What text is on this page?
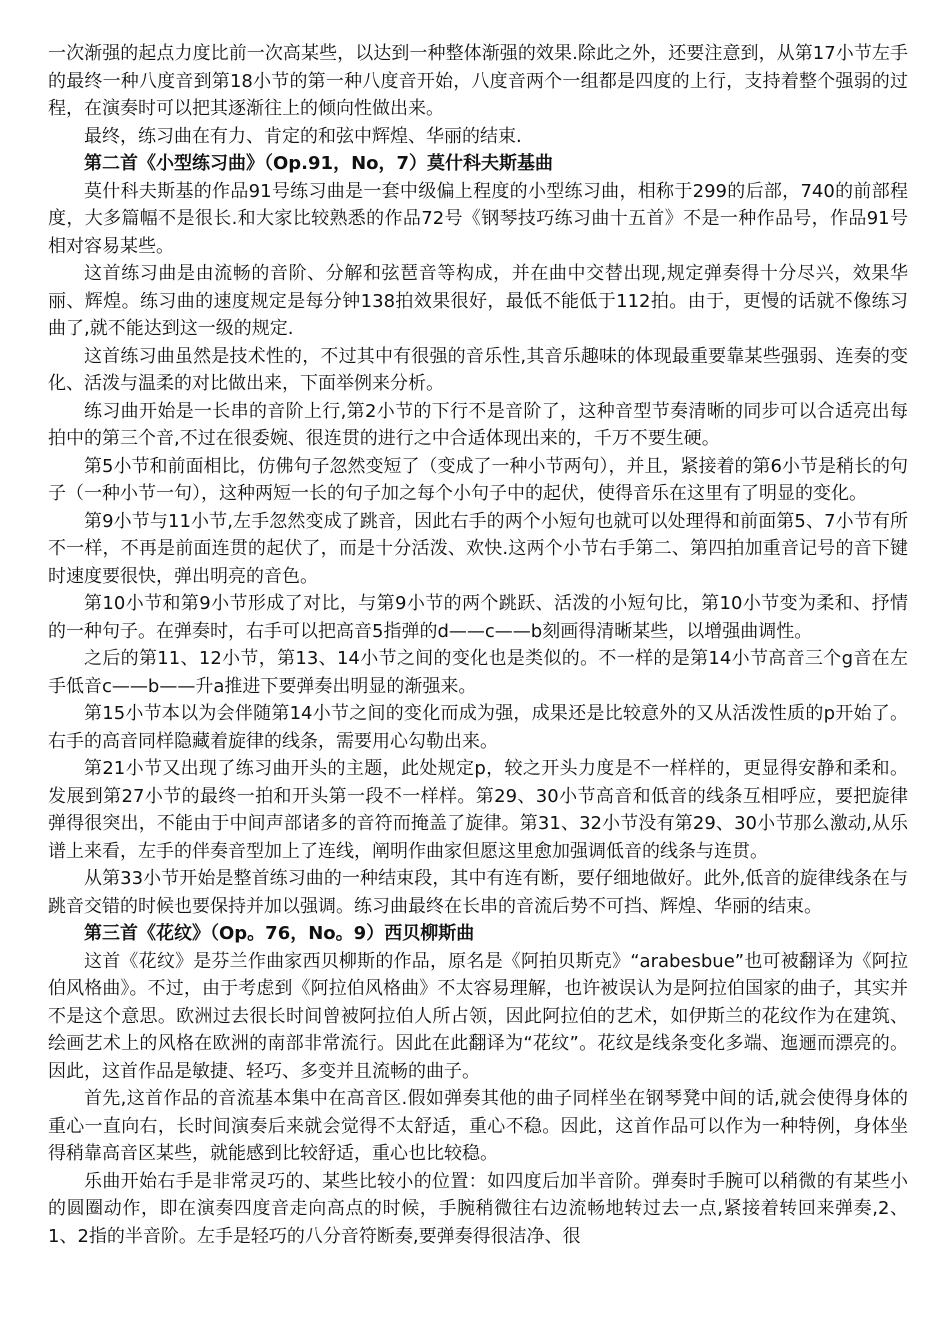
一次渐强的起点力度比前一次高某些，以达到一种整体渐强的效果.除此之外，还要注意到，从第17小节左手的最终一种八度音到第18小节的第一种八度音开始，八度音两个一组都是四度的上行，支持着整个强弱的过程，在演奏时可以把其逐渐往上的倾向性做出来。

最终，练习曲在有力、肯定的和弦中辉煌、华丽的结束.

第二首《小型练习曲》（Op.91，No，7）莫什科夫斯基曲

莫什科夫斯基的作品91号练习曲是一套中级偏上程度的小型练习曲，相称于299的后部，740的前部程度，大多篇幅不是很长.和大家比较熟悉的作品72号《钢琴技巧练习曲十五首》不是一种作品号，作品91号相对容易某些。

这首练习曲是由流畅的音阶、分解和弦琶音等构成，并在曲中交替出现,规定弹奏得十分尽兴，效果华丽、辉煌。练习曲的速度规定是每分钟138拍效果很好，最低不能低于112拍。由于，更慢的话就不像练习曲了,就不能达到这一级的规定.

这首练习曲虽然是技术性的，不过其中有很强的音乐性,其音乐趣味的体现最重要靠某些强弱、连奏的变化、活泼与温柔的对比做出来，下面举例来分析。

练习曲开始是一长串的音阶上行,第2小节的下行不是音阶了，这种音型节奏清晰的同步可以合适亮出每拍中的第三个音,不过在很委婉、很连贯的进行之中合适体现出来的，千万不要生硬。

第5小节和前面相比，仿佛句子忽然变短了（变成了一种小节两句），并且，紧接着的第6小节是稍长的句子（一种小节一句），这种两短一长的句子加之每个小句子中的起伏，使得音乐在这里有了明显的变化。

第9小节与11小节,左手忽然变成了跳音，因此右手的两个小短句也就可以处理得和前面第5、7小节有所不一样，不再是前面连贯的起伏了，而是十分活泼、欢快.这两个小节右手第二、第四拍加重音记号的音下键时速度要很快，弹出明亮的音色。

第10小节和第9小节形成了对比，与第9小节的两个跳跃、活泼的小短句比，第10小节变为柔和、抒情的一种句子。在弹奏时，右手可以把高音5指弹的d——c——b刻画得清晰某些，以增强曲调性。

之后的第11、12小节，第13、14小节之间的变化也是类似的。不一样的是第14小节高音三个g音在左手低音c——b——升a推进下要弹奏出明显的渐强来。

第15小节本以为会伴随第14小节之间的变化而成为强，成果还是比较意外的又从活泼性质的p开始了。右手的高音同样隐藏着旋律的线条，需要用心勾勒出来。

第21小节又出现了练习曲开头的主题，此处规定p，较之开头力度是不一样样的，更显得安静和柔和。发展到第27小节的最终一拍和开头第一段不一样样。第29、30小节高音和低音的线条互相呼应，要把旋律弹得很突出，不能由于中间声部诸多的音符而掩盖了旋律。第31、32小节没有第29、30小节那么激动,从乐谱上来看，左手的伴奏音型加上了连线，阐明作曲家但愿这里愈加强调低音的线条与连贯。

从第33小节开始是整首练习曲的一种结束段，其中有连有断，要仔细地做好。此外,低音的旋律线条在与跳音交错的时候也要保持并加以强调。练习曲最终在长串的音流后势不可挡、辉煌、华丽的结束。

第三首《花纹》（Op。76，No。9）西贝柳斯曲

这首《花纹》是芬兰作曲家西贝柳斯的作品，原名是《阿拍贝斯克》“arabesbue”也可被翻译为《阿拉伯风格曲》。不过，由于考虑到《阿拉伯风格曲》不太容易理解，也许被误认为是阿拉伯国家的曲子，其实并不是这个意思。欧洲过去很长时间曾被阿拉伯人所占领，因此阿拉伯的艺术，如伊斯兰的花纹作为在建筑、绘画艺术上的风格在欧洲的南部非常流行。因此在此翻译为“花纹”。花纹是线条变化多端、迤逦而漂亮的。因此，这首作品是敏捷、轻巧、多变并且流畅的曲子。

首先,这首作品的音流基本集中在高音区.假如弹奏其他的曲子同样坐在钢琴凳中间的话,就会使得身体的重心一直向右，长时间演奏后来就会觉得不太舒适，重心不稳。因此，这首作品可以作为一种特例，身体坐得稍靠高音区某些，就能感到比较舒适，重心也比较稳。

乐曲开始右手是非常灵巧的、某些比较小的位置：如四度后加半音阶。弹奏时手腕可以稍微的有某些小的圆圈动作，即在演奏四度音走向高点的时候，手腕稍微往右边流畅地转过去一点,紧接着转回来弹奏,2、1、2指的半音阶。左手是轻巧的八分音符断奏,要弹奏得很洁净、很
